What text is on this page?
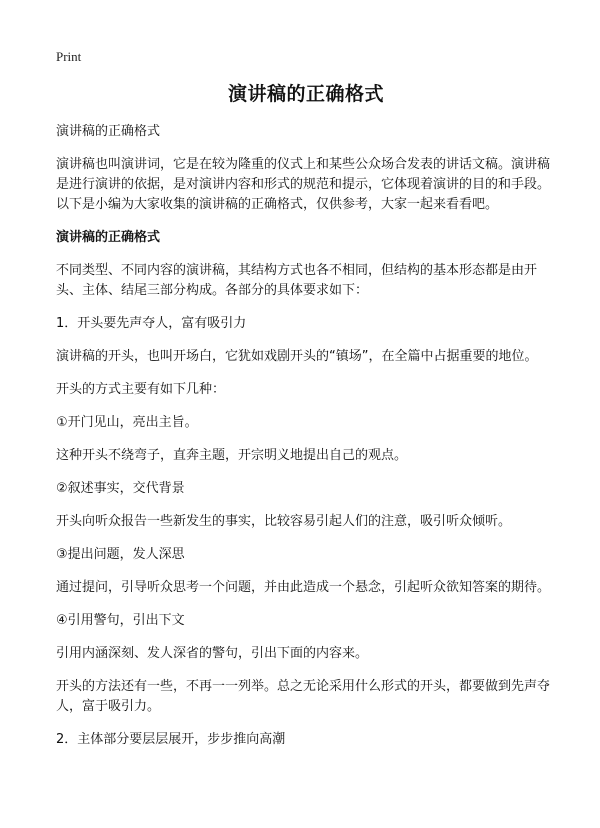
Print
演讲稿的正确格式
演讲稿的正确格式
演讲稿也叫演讲词，它是在较为隆重的仪式上和某些公众场合发表的讲话文稿。演讲稿是进行演讲的依据，是对演讲内容和形式的规范和提示，它体现着演讲的目的和手段。以下是小编为大家收集的演讲稿的正确格式，仅供参考，大家一起来看看吧。
演讲稿的正确格式
不同类型、不同内容的演讲稿，其结构方式也各不相同，但结构的基本形态都是由开头、主体、结尾三部分构成。各部分的具体要求如下：
1．开头要先声夺人，富有吸引力
演讲稿的开头，也叫开场白，它犹如戏剧开头的“镇场”，在全篇中占据重要的地位。
开头的方式主要有如下几种：
①开门见山，亮出主旨。
这种开头不绕弯子，直奔主题，开宗明义地提出自己的观点。
②叙述事实，交代背景
开头向听众报告一些新发生的事实，比较容易引起人们的注意，吸引听众倾听。
③提出问题，发人深思
通过提问，引导听众思考一个问题，并由此造成一个悬念，引起听众欲知答案的期待。
④引用警句，引出下文
引用内涵深刻、发人深省的警句，引出下面的内容来。
开头的方法还有一些，不再一一列举。总之无论采用什么形式的开头，都要做到先声夺人，富于吸引力。
2．主体部分要层层展开，步步推向高潮
